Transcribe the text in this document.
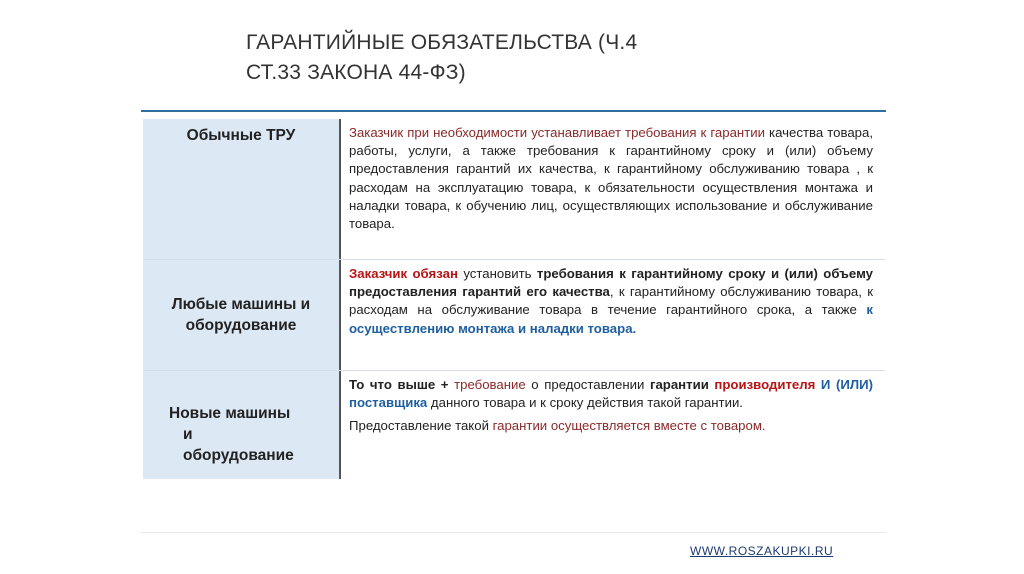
ГАРАНТИЙНЫЕ ОБЯЗАТЕЛЬСТВА (Ч.4
СТ.33 ЗАКОНА 44-ФЗ)
Обычные ТРУ	Заказчик при необходимости устанавливает требования к гарантии качества товара, работы, услуги, а также требования к гарантийному сроку и (или) объему предоставления гарантий их качества, к гарантийному обслуживанию товара , к расходам на эксплуатацию товара, к обязательности осуществления монтажа и наладки товара, к обучению лиц, осуществляющих использование и обслуживание товара.

Любые машины и оборудование

Заказчик обязан установить требования к гарантийному сроку и (или) объему предоставления гарантий его качества, к гарантийному обслуживанию товара, к расходам на обслуживание товара в течение гарантийного срока, а также к осуществлению монтажа и наладки товара.

Новые машины
и
оборудование

То что выше + требование о предоставлении гарантии производителя И (ИЛИ) поставщика данного товара и к сроку действия такой гарантии.

Предоставление такой гарантии осуществляется вместе с товаром.

WWW.ROSZAKUPKI.RU
